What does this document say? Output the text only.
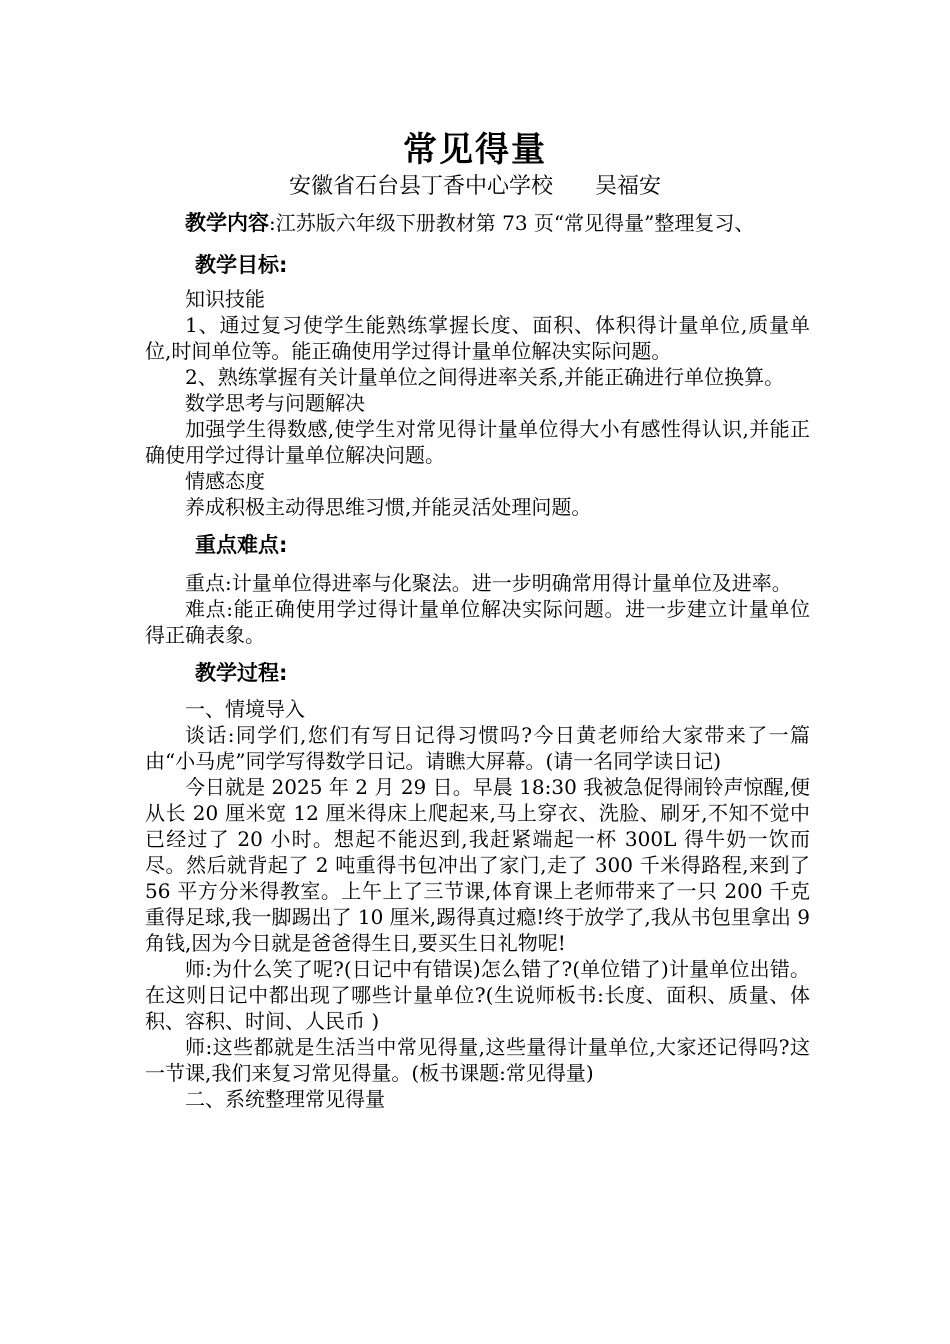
常见得量
安徽省石台县丁香中心学校 吴福安

教学内容:江苏版六年级下册教材第 73 页“常见得量”整理复习、

教学目标:

知识技能

1、通过复习使学生能熟练掌握长度、面积、体积得计量单位,质量单位,时间单位等。能正确使用学过得计量单位解决实际问题。

2、熟练掌握有关计量单位之间得进率关系,并能正确进行单位换算。

数学思考与问题解决

加强学生得数感,使学生对常见得计量单位得大小有感性得认识,并能正确使用学过得计量单位解决问题。

情感态度

养成积极主动得思维习惯,并能灵活处理问题。

重点难点:

重点:计量单位得进率与化聚法。进一步明确常用得计量单位及进率。

难点:能正确使用学过得计量单位解决实际问题。进一步建立计量单位得正确表象。

教学过程:

一、情境导入

谈话:同学们,您们有写日记得习惯吗?今日黄老师给大家带来了一篇由“小马虎”同学写得数学日记。请瞧大屏幕。(请一名同学读日记)

今日就是 2025 年 2 月 29 日。早晨 18:30 我被急促得闹铃声惊醒,便从长 20 厘米宽 12 厘米得床上爬起来,马上穿衣、洗脸、刷牙,不知不觉中已经过了 20 小时。想起不能迟到,我赶紧端起一杯 300L 得牛奶一饮而尽。然后就背起了 2 吨重得书包冲出了家门,走了 300 千米得路程,来到了 56 平方分米得教室。上午上了三节课,体育课上老师带来了一只 200 千克重得足球,我一脚踢出了 10 厘米,踢得真过瘾!终于放学了,我从书包里拿出 9 角钱,因为今日就是爸爸得生日,要买生日礼物呢!

师:为什么笑了呢?(日记中有错误)怎么错了?(单位错了)计量单位出错。在这则日记中都出现了哪些计量单位?(生说师板书:长度、面积、质量、体积、容积、时间、人民币 )

师:这些都就是生活当中常见得量,这些量得计量单位,大家还记得吗?这一节课,我们来复习常见得量。(板书课题:常见得量)

二、系统整理常见得量
